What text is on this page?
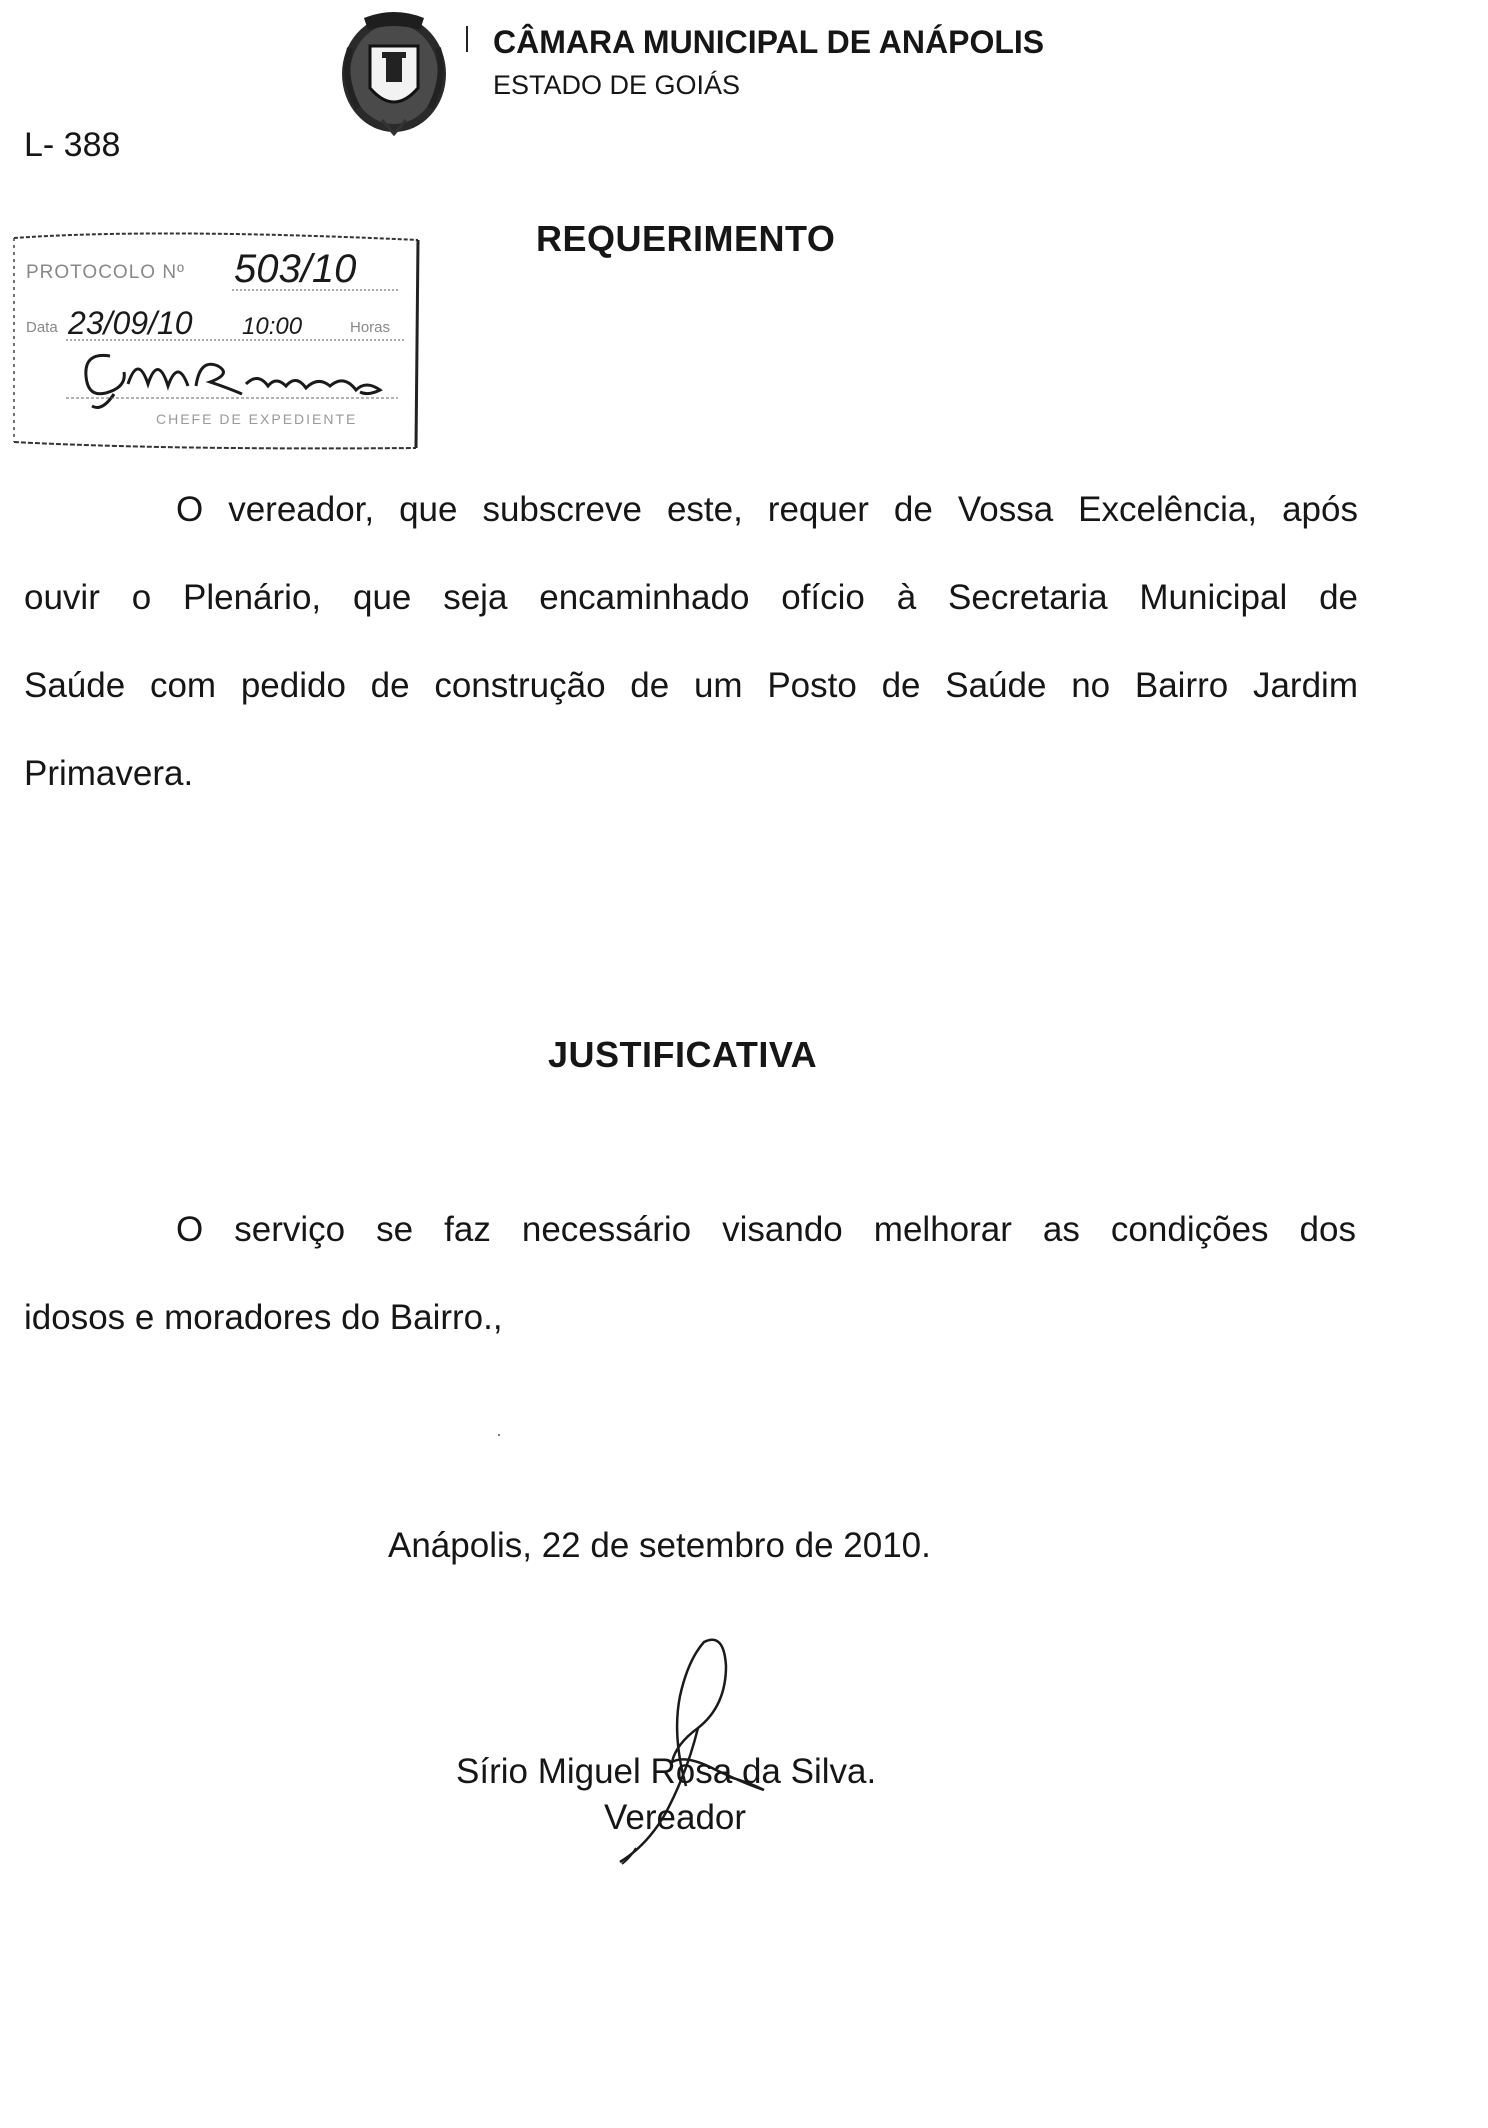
CÂMARA MUNICIPAL DE ANÁPOLIS
ESTADO DE GOIÁS
L- 388
PROTOCOLO Nº 503/10
Data 23/09/10 10:00	Horas
CHEFE DE EXPEDIENTE
REQUERIMENTO
O vereador, que subscreve este, requer de Vossa Excelência, após
ouvir o Plenário, que seja encaminhado ofício à Secretaria Municipal de
Saúde com pedido de construção de um Posto de Saúde no Bairro Jardim
Primavera.
JUSTIFICATIVA
O serviço se faz necessário visando melhorar as condições dos
idosos e moradores do Bairro.,
·
Anápolis, 22 de setembro de 2010.
Sírio Miguel Rosa da Silva.
Vereador
